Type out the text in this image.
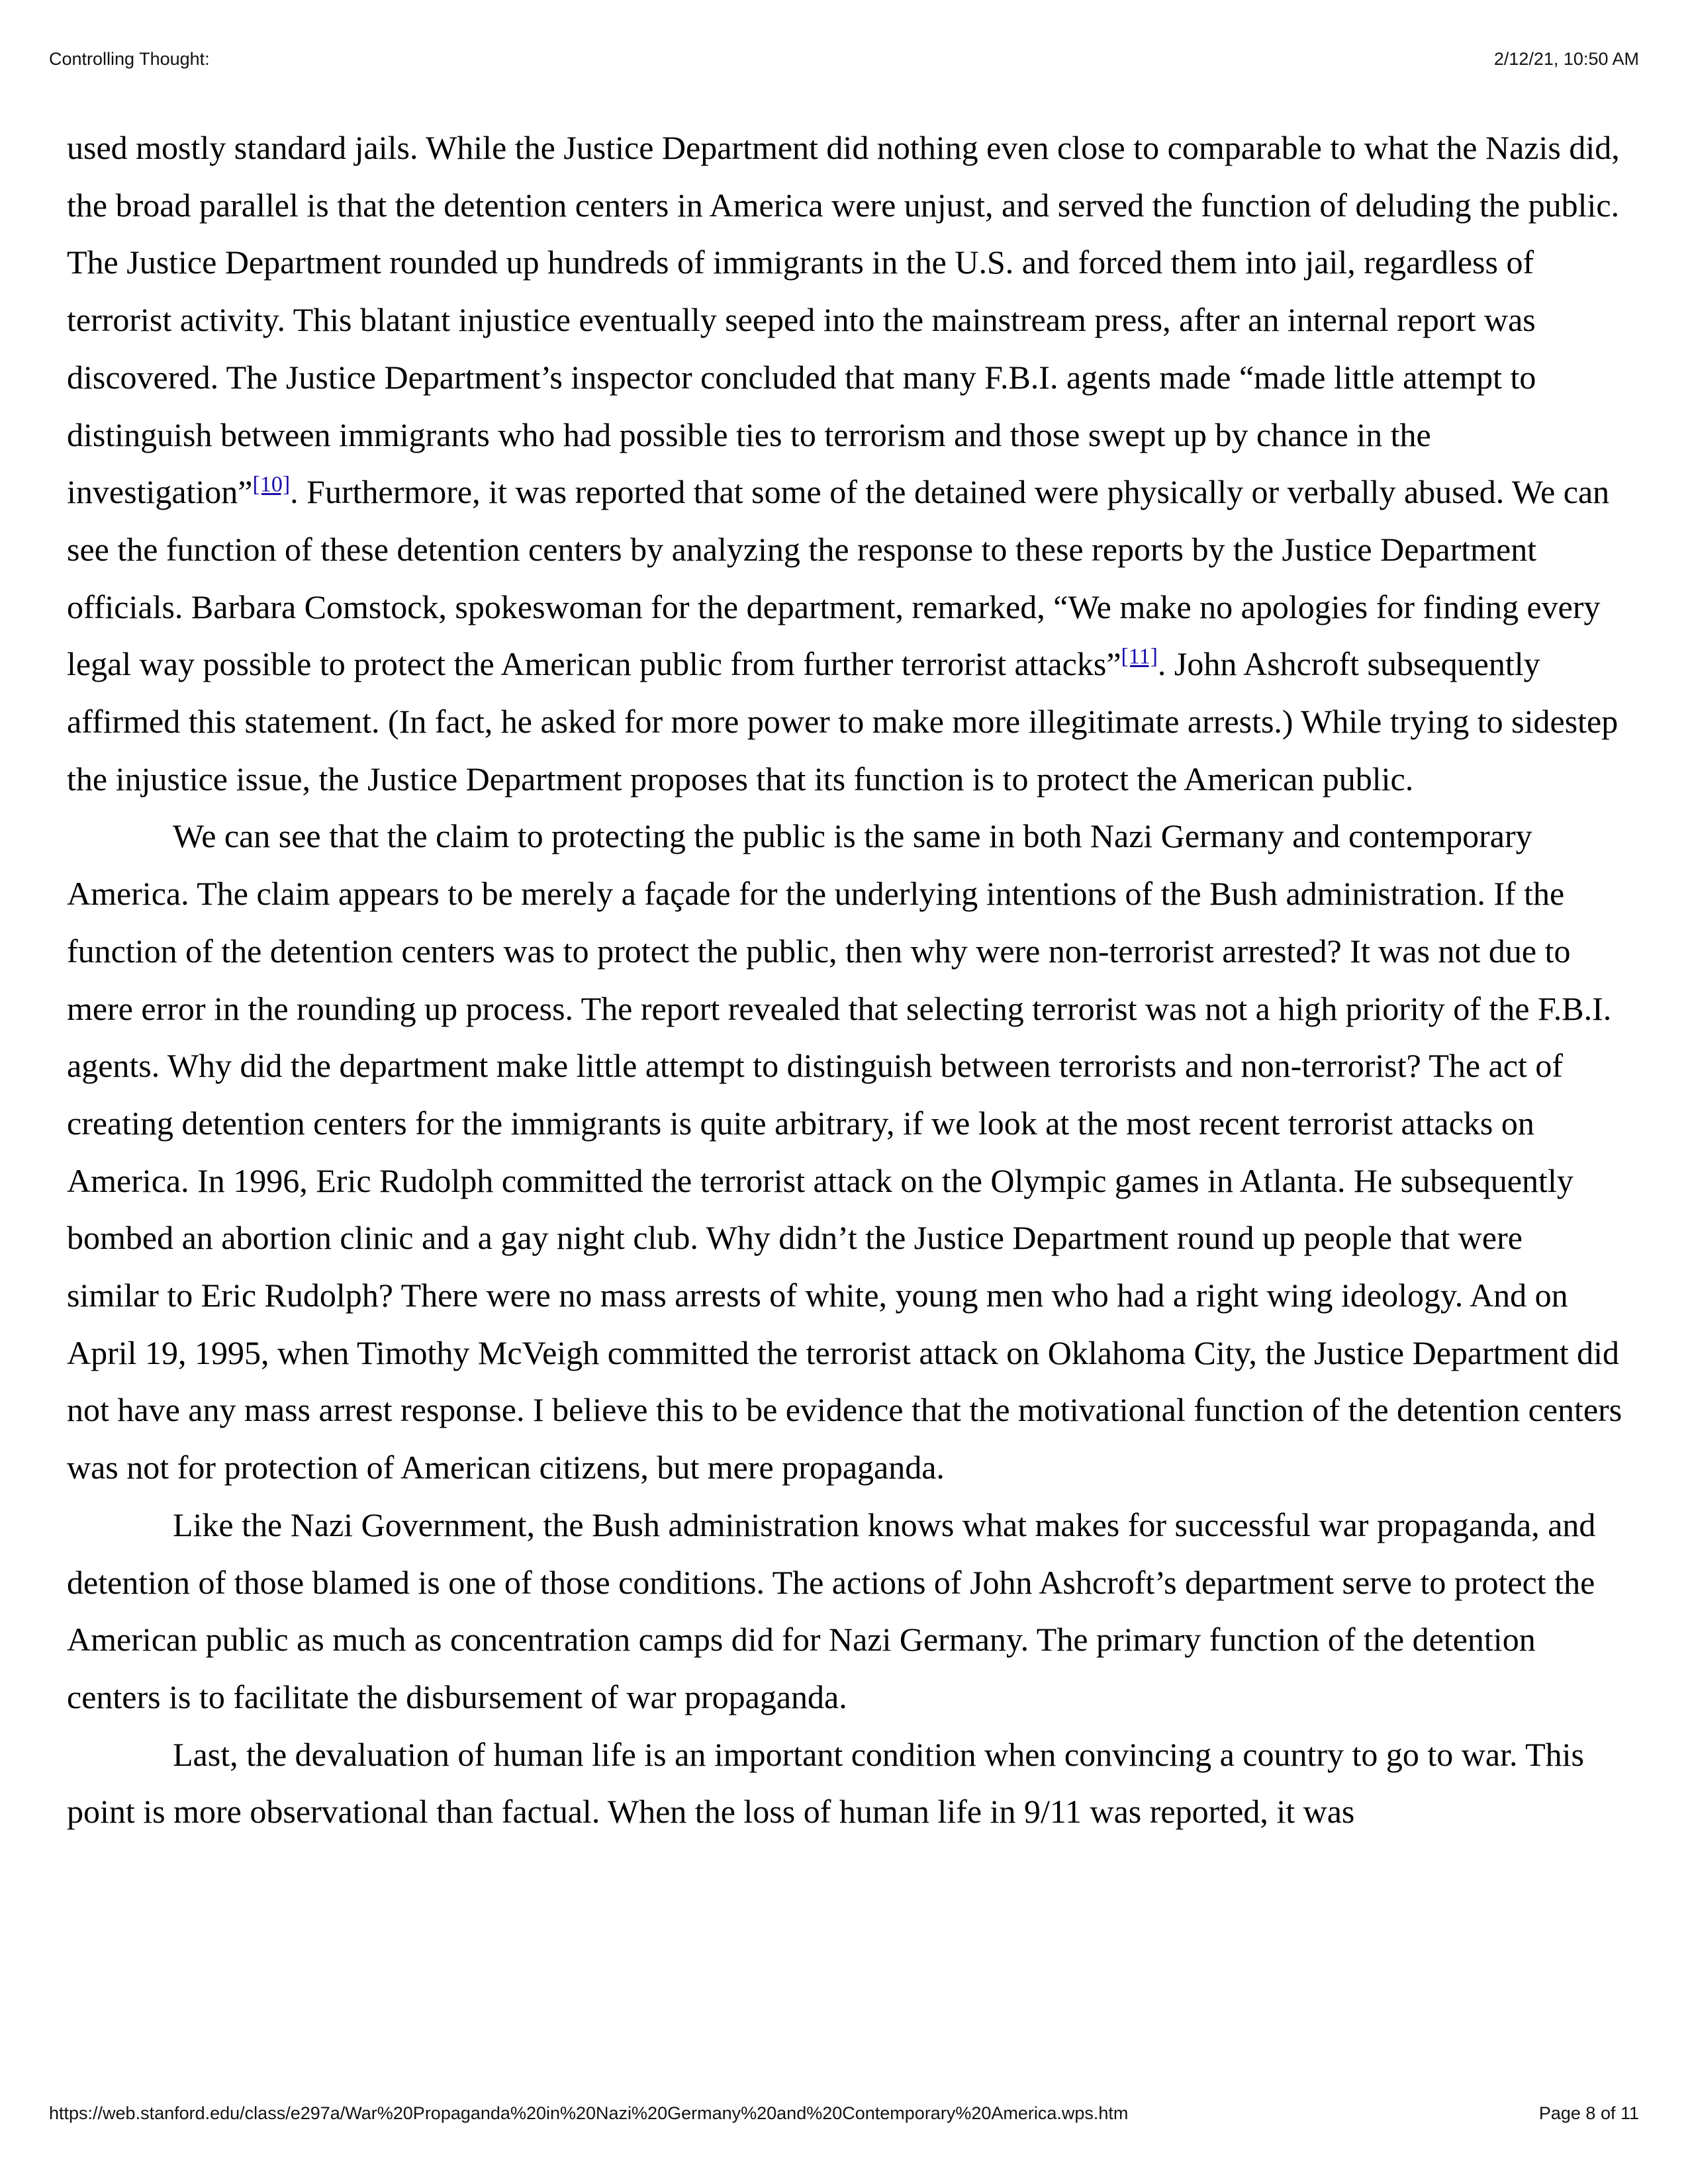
Controlling Thought:	2/12/21, 10:50 AM

used mostly standard jails. While the Justice Department did nothing even close to comparable to what the Nazis did, the broad parallel is that the detention centers in America were unjust, and served the function of deluding the public. The Justice Department rounded up hundreds of immigrants in the U.S. and forced them into jail, regardless of terrorist activity. This blatant injustice eventually seeped into the mainstream press, after an internal report was discovered. The Justice Department’s inspector concluded that many F.B.I. agents made “made little attempt to distinguish between immigrants who had possible ties to terrorism and those swept up by chance in the investigation”[10]. Furthermore, it was reported that some of the detained were physically or verbally abused. We can see the function of these detention centers by analyzing the response to these reports by the Justice Department officials. Barbara Comstock, spokeswoman for the department, remarked, “We make no apologies for finding every legal way possible to protect the American public from further terrorist attacks”[11]. John Ashcroft subsequently affirmed this statement. (In fact, he asked for more power to make more illegitimate arrests.) While trying to sidestep the injustice issue, the Justice Department proposes that its function is to protect the American public.

We can see that the claim to protecting the public is the same in both Nazi Germany and contemporary America. The claim appears to be merely a façade for the underlying intentions of the Bush administration. If the function of the detention centers was to protect the public, then why were non-terrorist arrested? It was not due to mere error in the rounding up process. The report revealed that selecting terrorist was not a high priority of the F.B.I. agents. Why did the department make little attempt to distinguish between terrorists and non-terrorist? The act of creating detention centers for the immigrants is quite arbitrary, if we look at the most recent terrorist attacks on America. In 1996, Eric Rudolph committed the terrorist attack on the Olympic games in Atlanta. He subsequently bombed an abortion clinic and a gay night club. Why didn’t the Justice Department round up people that were similar to Eric Rudolph? There were no mass arrests of white, young men who had a right wing ideology. And on April 19, 1995, when Timothy McVeigh committed the terrorist attack on Oklahoma City, the Justice Department did not have any mass arrest response. I believe this to be evidence that the motivational function of the detention centers was not for protection of American citizens, but mere propaganda.

Like the Nazi Government, the Bush administration knows what makes for successful war propaganda, and detention of those blamed is one of those conditions. The actions of John Ashcroft’s department serve to protect the American public as much as concentration camps did for Nazi Germany. The primary function of the detention centers is to facilitate the disbursement of war propaganda.

Last, the devaluation of human life is an important condition when convincing a country to go to war. This point is more observational than factual. When the loss of human life in 9/11 was reported, it was

https://web.stanford.edu/class/e297a/War%20Propaganda%20in%20Nazi%20Germany%20and%20Contemporary%20America.wps.htm	Page 8 of 11
